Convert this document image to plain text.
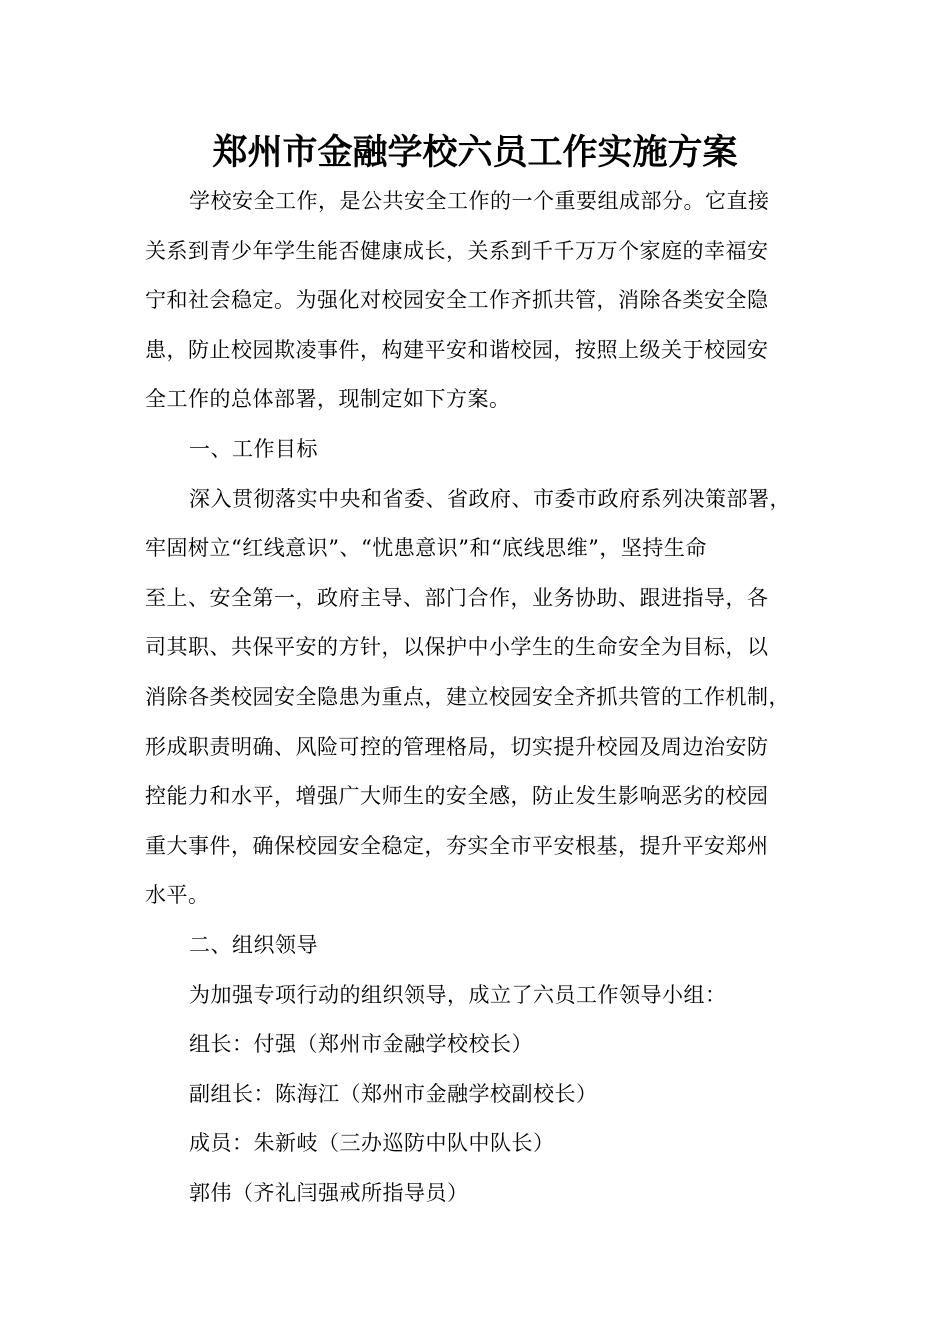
郑州市金融学校六员工作实施方案
学校安全工作，是公共安全工作的一个重要组成部分。它直接
关系到青少年学生能否健康成长，关系到千千万万个家庭的幸福安
宁和社会稳定。为强化对校园安全工作齐抓共管，消除各类安全隐
患，防止校园欺凌事件，构建平安和谐校园，按照上级关于校园安
全工作的总体部署，现制定如下方案。
一、工作目标
深入贯彻落实中央和省委、省政府、市委市政府系列决策部署，
牢固树立“红线意识”、“忧患意识”和“底线思维”，坚持生命
至上、安全第一，政府主导、部门合作，业务协助、跟进指导，各
司其职、共保平安的方针，以保护中小学生的生命安全为目标，以
消除各类校园安全隐患为重点，建立校园安全齐抓共管的工作机制，
形成职责明确、风险可控的管理格局，切实提升校园及周边治安防
控能力和水平，增强广大师生的安全感，防止发生影响恶劣的校园
重大事件，确保校园安全稳定，夯实全市平安根基，提升平安郑州
水平。
二、组织领导
为加强专项行动的组织领导，成立了六员工作领导小组：
组长：付强（郑州市金融学校校长）
副组长：陈海江（郑州市金融学校副校长）
成员：朱新岐（三办巡防中队中队长）
郭伟（齐礼闫强戒所指导员）
